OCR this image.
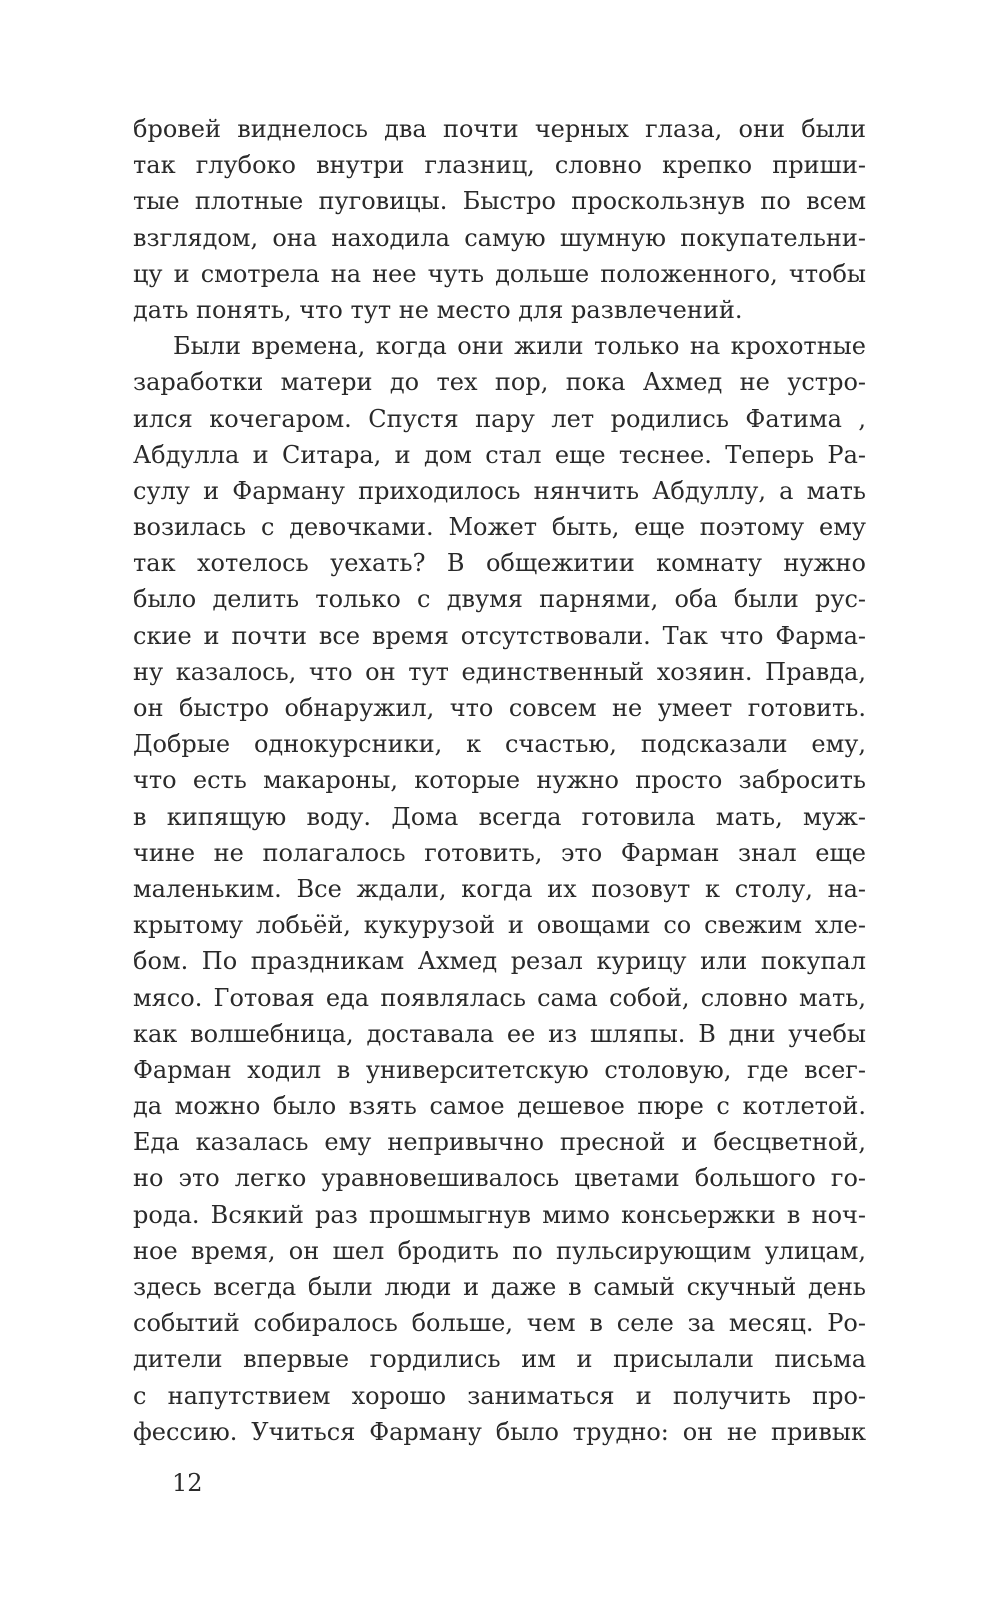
бровей виднелось два почти черных глаза, они были
так глубоко внутри глазниц, словно крепко приши-
тые плотные пуговицы. Быстро проскользнув по всем
взглядом, она находила самую шумную покупательни-
цу и смотрела на нее чуть дольше положенного, чтобы
дать понять, что тут не место для развлечений.
Были времена, когда они жили только на крохотные
заработки матери до тех пор, пока Ахмед не устро-
ился кочегаром. Спустя пару лет родились Фатима ,
Абдулла и Ситара, и дом стал еще теснее. Теперь Ра-
сулу и Фарману приходилось нянчить Абдуллу, а мать
возилась с девочками. Может быть, еще поэтому ему
так хотелось уехать? В общежитии комнату нужно
было делить только с двумя парнями, оба были рус-
ские и почти все время отсутствовали. Так что Фарма-
ну казалось, что он тут единственный хозяин. Правда,
он быстро обнаружил, что совсем не умеет готовить.
Добрые однокурсники, к счастью, подсказали ему,
что есть макароны, которые нужно просто забросить
в кипящую воду. Дома всегда готовила мать, муж-
чине не полагалось готовить, это Фарман знал еще
маленьким. Все ждали, когда их позовут к столу, на-
крытому лобьёй, кукурузой и овощами со свежим хле-
бом. По праздникам Ахмед резал курицу или покупал
мясо. Готовая еда появлялась сама собой, словно мать,
как волшебница, доставала ее из шляпы. В дни учебы
Фарман ходил в университетскую столовую, где всег-
да можно было взять самое дешевое пюре с котлетой.
Еда казалась ему непривычно пресной и бесцветной,
но это легко уравновешивалось цветами большого го-
рода. Всякий раз прошмыгнув мимо консьержки в ноч-
ное время, он шел бродить по пульсирующим улицам,
здесь всегда были люди и даже в самый скучный день
событий собиралось больше, чем в селе за месяц. Ро-
дители впервые гордились им и присылали письма
с напутствием хорошо заниматься и получить про-
фессию. Учиться Фарману было трудно: он не привык
12
